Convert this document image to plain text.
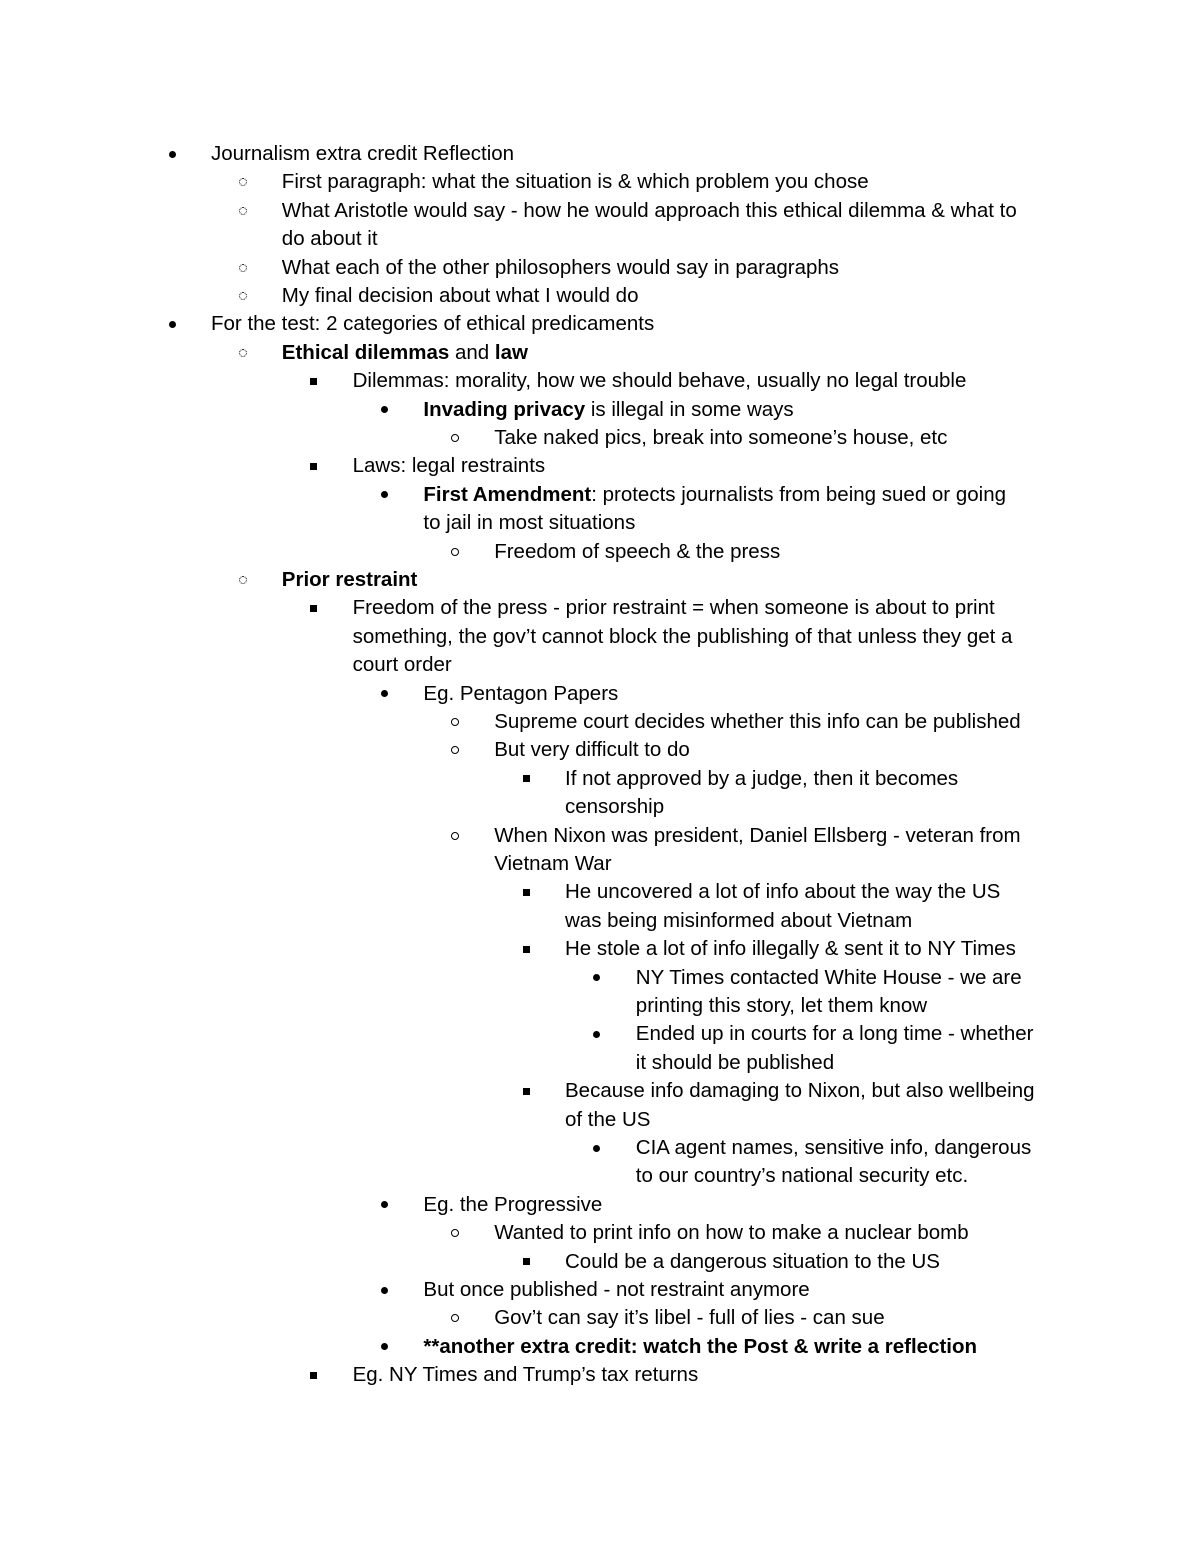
Journalism extra credit Reflection
First paragraph: what the situation is & which problem you chose
What Aristotle would say - how he would approach this ethical dilemma & what to
do about it
What each of the other philosophers would say in paragraphs
My final decision about what I would do
For the test: 2 categories of ethical predicaments
Ethical dilemmas and law
Dilemmas: morality, how we should behave, usually no legal trouble
Invading privacy is illegal in some ways
Take naked pics, break into someone’s house, etc
Laws: legal restraints
First Amendment: protects journalists from being sued or going
to jail in most situations
Freedom of speech & the press
Prior restraint
Freedom of the press - prior restraint = when someone is about to print
something, the gov’t cannot block the publishing of that unless they get a
court order
Eg. Pentagon Papers
Supreme court decides whether this info can be published
But very difficult to do
If not approved by a judge, then it becomes
censorship
When Nixon was president, Daniel Ellsberg - veteran from
Vietnam War
He uncovered a lot of info about the way the US
was being misinformed about Vietnam
He stole a lot of info illegally & sent it to NY Times
NY Times contacted White House - we are
printing this story, let them know
Ended up in courts for a long time - whether
it should be published
Because info damaging to Nixon, but also wellbeing
of the US
CIA agent names, sensitive info, dangerous
to our country’s national security etc.
Eg. the Progressive
Wanted to print info on how to make a nuclear bomb
Could be a dangerous situation to the US
But once published - not restraint anymore
Gov’t can say it’s libel - full of lies - can sue
**another extra credit: watch the Post & write a reflection
Eg. NY Times and Trump’s tax returns
